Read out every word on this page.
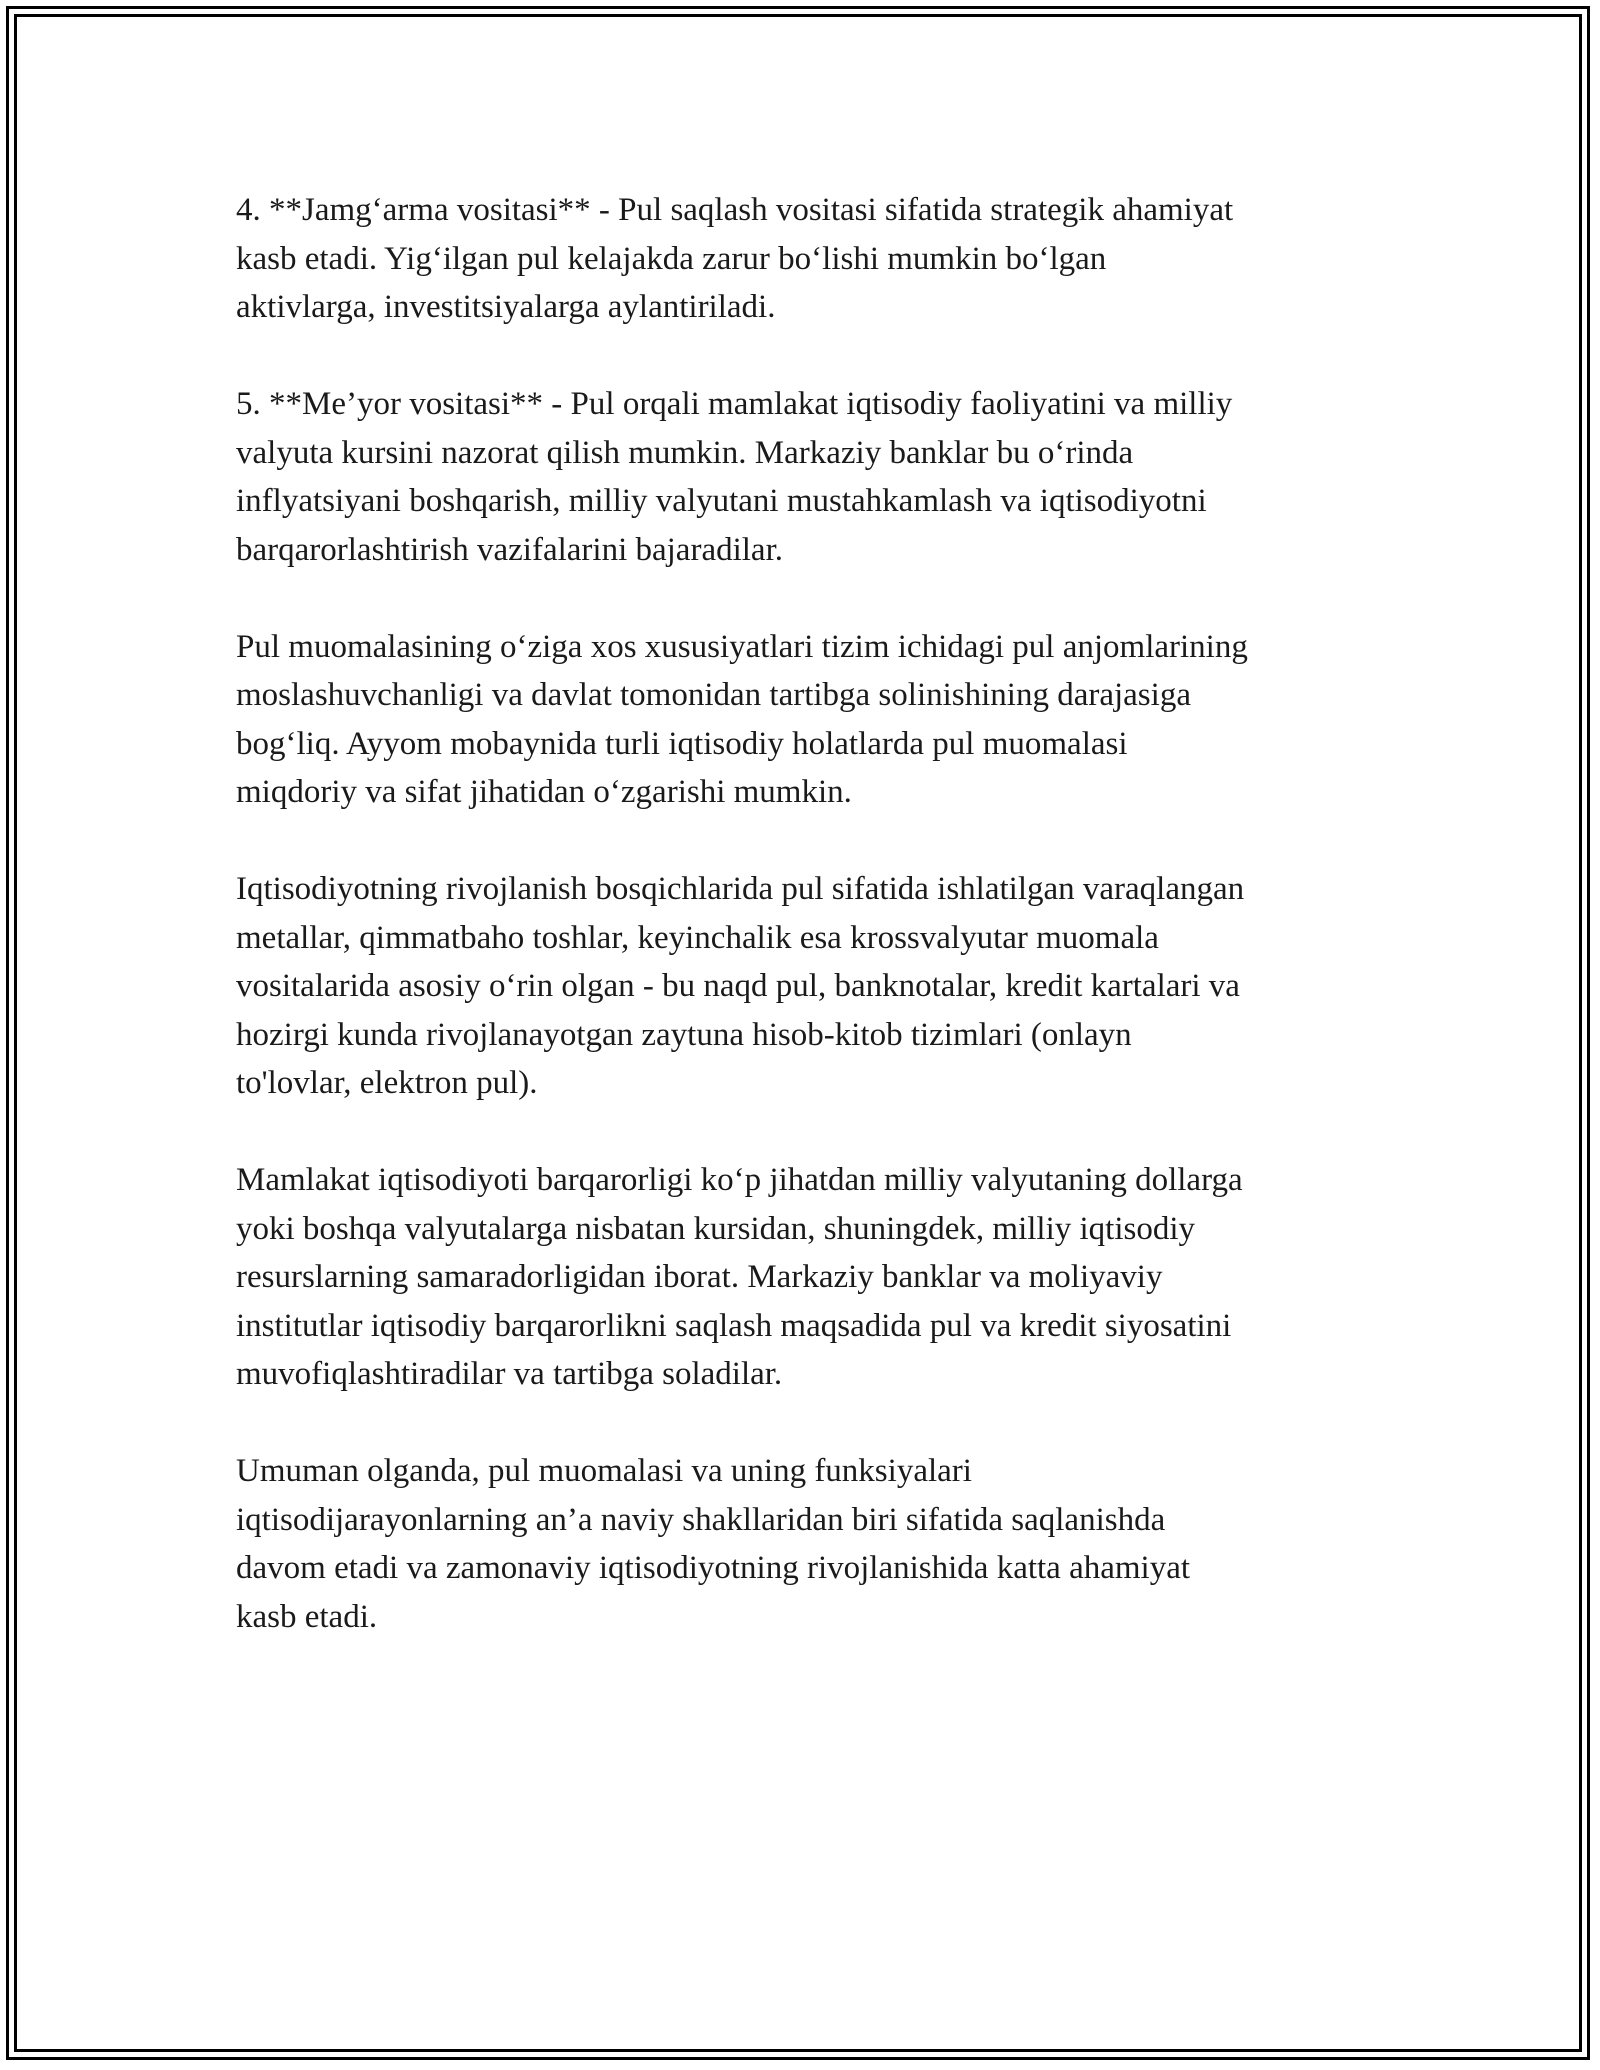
4. **Jamg‘arma vositasi** - Pul saqlash vositasi sifatida strategik ahamiyat
kasb etadi. Yig‘ilgan pul kelajakda zarur bo‘lishi mumkin bo‘lgan
aktivlarga, investitsiyalarga aylantiriladi.

5. **Me’yor vositasi** - Pul orqali mamlakat iqtisodiy faoliyatini va milliy
valyuta kursini nazorat qilish mumkin. Markaziy banklar bu o‘rinda
inflyatsiyani boshqarish, milliy valyutani mustahkamlash va iqtisodiyotni
barqarorlashtirish vazifalarini bajaradilar.

Pul muomalasining o‘ziga xos xususiyatlari tizim ichidagi pul anjomlarining
moslashuvchanligi va davlat tomonidan tartibga solinishining darajasiga
bog‘liq. Ayyom mobaynida turli iqtisodiy holatlarda pul muomalasi
miqdoriy va sifat jihatidan o‘zgarishi mumkin.

Iqtisodiyotning rivojlanish bosqichlarida pul sifatida ishlatilgan varaqlangan
metallar, qimmatbaho toshlar, keyinchalik esa krossvalyutar muomala
vositalarida asosiy o‘rin olgan - bu naqd pul, banknotalar, kredit kartalari va
hozirgi kunda rivojlanayotgan zaytuna hisob-kitob tizimlari (onlayn
to'lovlar, elektron pul).

Mamlakat iqtisodiyoti barqarorligi ko‘p jihatdan milliy valyutaning dollarga
yoki boshqa valyutalarga nisbatan kursidan, shuningdek, milliy iqtisodiy
resurslarning samaradorligidan iborat. Markaziy banklar va moliyaviy
institutlar iqtisodiy barqarorlikni saqlash maqsadida pul va kredit siyosatini
muvofiqlashtiradilar va tartibga soladilar.

Umuman olganda, pul muomalasi va uning funksiyalari
iqtisodijarayonlarning an’a naviy shakllaridan biri sifatida saqlanishda
davom etadi va zamonaviy iqtisodiyotning rivojlanishida katta ahamiyat
kasb etadi.
